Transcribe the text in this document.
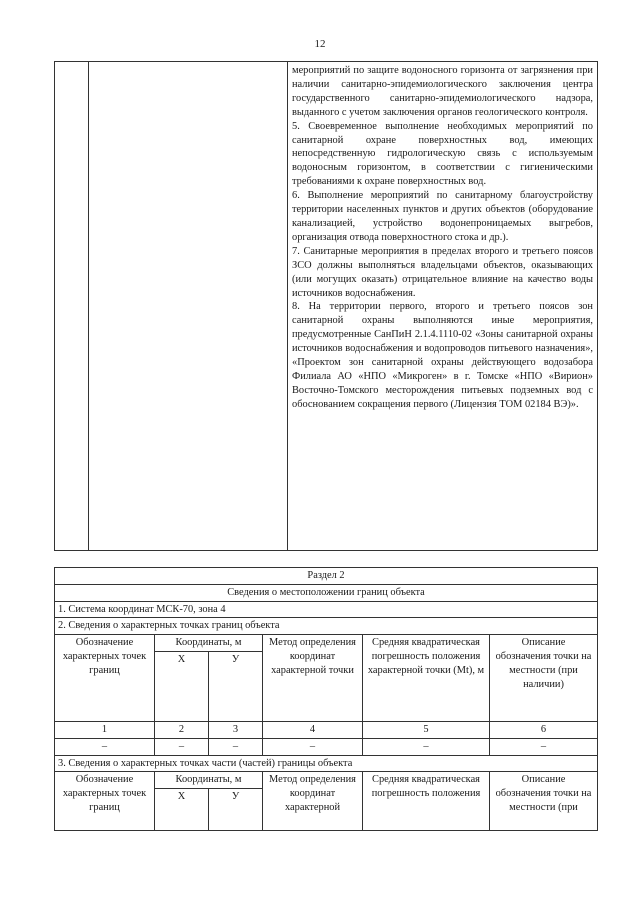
12

мероприятий по защите водоносного горизонта от загрязнения при наличии санитарно-эпидемиологического заключения центра государственного санитарно-эпидемиологического надзора, выданного с учетом заключения органов геологического контроля.

5. Своевременное выполнение необходимых мероприятий по санитарной охране поверхностных вод, имеющих непосредственную гидрологическую связь с используемым водоносным горизонтом, в соответствии с гигиеническими требованиями к охране поверхностных вод.

6. Выполнение мероприятий по санитарному благоустройству территории населенных пунктов и других объектов (оборудование канализацией, устройство водонепроницаемых выгребов, организация отвода поверхностного стока и др.).

7. Санитарные мероприятия в пределах второго и третьего поясов ЗСО должны выполняться владельцами объектов, оказывающих (или могущих оказать) отрицательное влияние на качество воды источников водоснабжения.

8. На территории первого, второго и третьего поясов зон санитарной охраны выполняются иные мероприятия, предусмотренные СанПиН 2.1.4.1110-02 «Зоны санитарной охраны источников водоснабжения и водопроводов питьевого назначения», «Проектом зон санитарной охраны действующего водозабора Филиала АО «НПО «Микроген» в г. Томске «НПО «Вирион» Восточно-Томского месторождения питьевых подземных вод с обоснованием сокращения первого (Лицензия ТОМ 02184 ВЭ)».

Раздел 2					
Сведения о местоположении границ объекта					
1. Система координат МСК-70, зона 4					
2. Сведения о характерных точках границ объекта					
Обозначение характерных точек границ	Координаты, м		Метод определения координат характерной точки	Средняя квадратическая погрешность положения характерной точки (Mt), м	Описание обозначения точки на местности (при наличии)
	X	У			
1	2	3	4	5	6
–	–	–	–	–	–
3. Сведения о характерных точках части (частей) границы объекта					
Обозначение характерных точек границ	Координаты, м		Метод определения координат характерной	Средняя квадратическая погрешность положения	Описание обозначения точки на местности (при
	X	У			
